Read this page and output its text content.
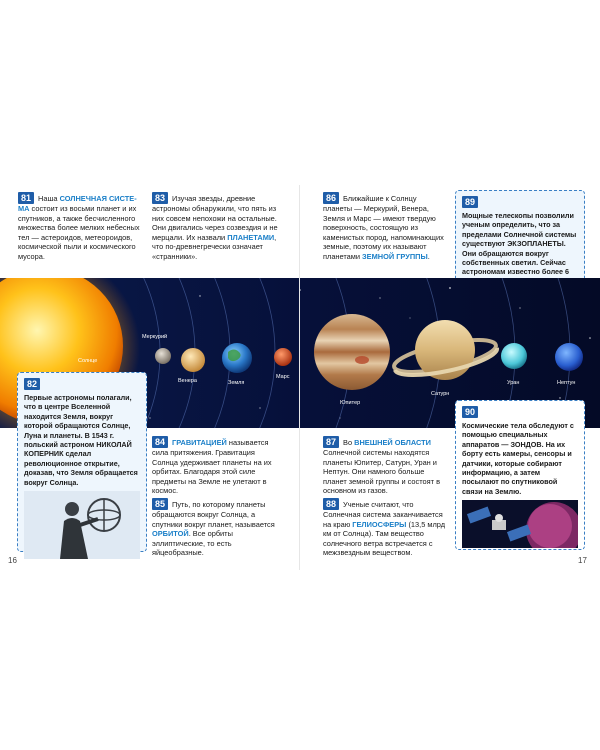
81 Наша СОЛНЕЧНАЯ СИСТЕ-МА состоит из восьми планет и их спутников, а также бесчисленного множества более мелких небесных тел — астероидов, метеороидов, космической пыли и космического мусора.
83 Изучая звезды, древние астрономы обнаружили, что пять из них совсем непохожи на остальные. Они двигались через созвездия и не мерцали. Их назвали ПЛАНЕТАМИ, что по-древнегречески означает «странники».
86 Ближайшие к Солнцу планеты — Меркурий, Венера, Земля и Марс — имеют твердую поверхность, состоящую из каменистых пород, напоминающих земные, поэтому их называют планетами ЗЕМНОЙ ГРУППЫ.
89
Мощные телескопы позволили ученым определить, что за пределами Солнечной системы существуют ЭКЗОПЛАНЕТЫ. Они обращаются вокруг собственных светил. Сейчас астрономам известно более 6
Солнце
Меркурий
Венера	Земля
Марс
Юпитер
Сатурн
Уран	Нептун
82
Первые астрономы полагали, что в центре Вселенной находится Земля, вокруг которой обращаются Солнце, Луна и планеты. В 1543 г. польский астроном НИКОЛАЙ КОПЕРНИК сделал революционное открытие, доказав, что Земля обращается вокруг Солнца.
84 ГРАВИТАЦИЕЙ называется сила притяжения. Гравитация Солнца удерживает планеты на их орбитах. Благодаря этой силе предметы на Земле не улетают в космос.
85 Путь, по которому планеты обращаются вокруг Солнца, а спутники вокруг планет, называется ОРБИТОЙ. Все орбиты эллиптические, то есть яйцеобразные.
87 Во ВНЕШНЕЙ ОБЛАСТИ Солнечной системы находятся планеты Юпитер, Сатурн, Уран и Нептун. Они намного больше планет земной группы и состоят в основном из газов.
88 Ученые считают, что Солнечная система заканчивается на краю ГЕЛИОСФЕРЫ (13,5 млрд км от Солнца). Там вещество солнечного ветра встречается с межзвездным веществом.
90
Космические тела обследуют с помощью специальных аппаратов — ЗОНДОВ. На их борту есть камеры, сенсоры и датчики, которые собирают информацию, а затем посылают по спутниковой связи на Землю.
16	17
